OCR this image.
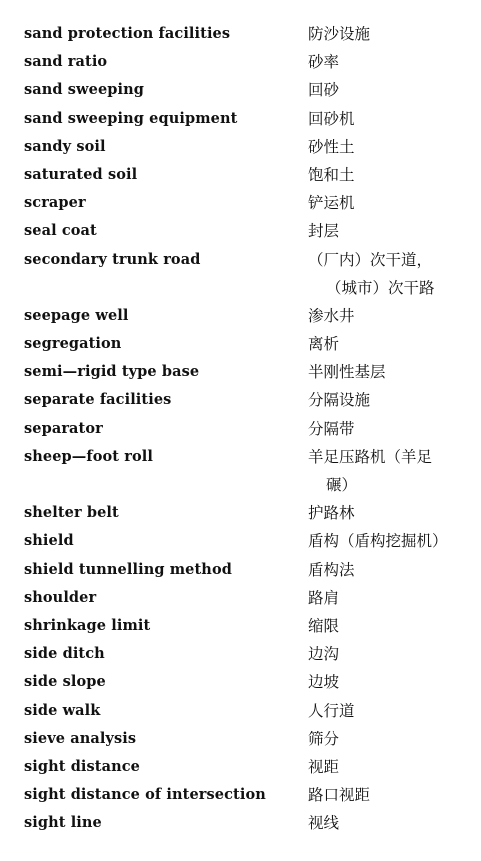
sand protection facilities	防沙设施
sand ratio	砂率
sand sweeping	回砂
sand sweeping equipment	回砂机
sandy soil	砂性土
saturated soil	饱和土
scraper	铲运机
seal coat	封层
secondary trunk road	（厂内）次干道，
（城市）次干路
seepage well	渗水井
segregation	离析
semi—rigid type base	半刚性基层
separate facilities	分隔设施
separator	分隔带
sheep—foot roll	羊足压路机（羊足
碾）
shelter belt	护路林
shield	盾构（盾构挖掘机）
shield tunnelling method	盾构法
shoulder	路肩
shrinkage limit	缩限
side ditch	边沟
side slope	边坡
side walk	人行道
sieve analysis	筛分
sight distance	视距
sight distance of intersection	路口视距
sight line	视线
